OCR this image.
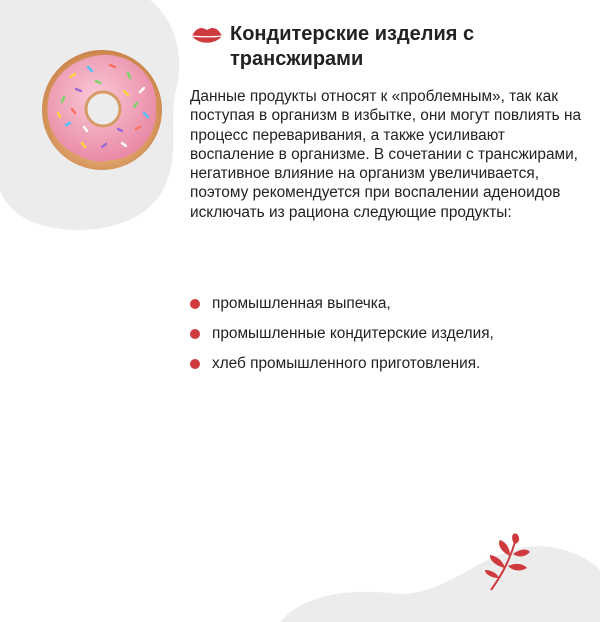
Кондитерские изделия с трансжирами

Данные продукты относят к «проблемным», так как поступая в организм в избытке, они могут повлиять на процесс переваривания, а также усиливают воспаление в организме. В сочетании с трансжирами, негативное влияние на организм увеличивается, поэтому рекомендуется при воспалении аденоидов исключать из рациона следующие продукты:

промышленная выпечка,
промышленные кондитерские изделия,
хлеб промышленного приготовления.
